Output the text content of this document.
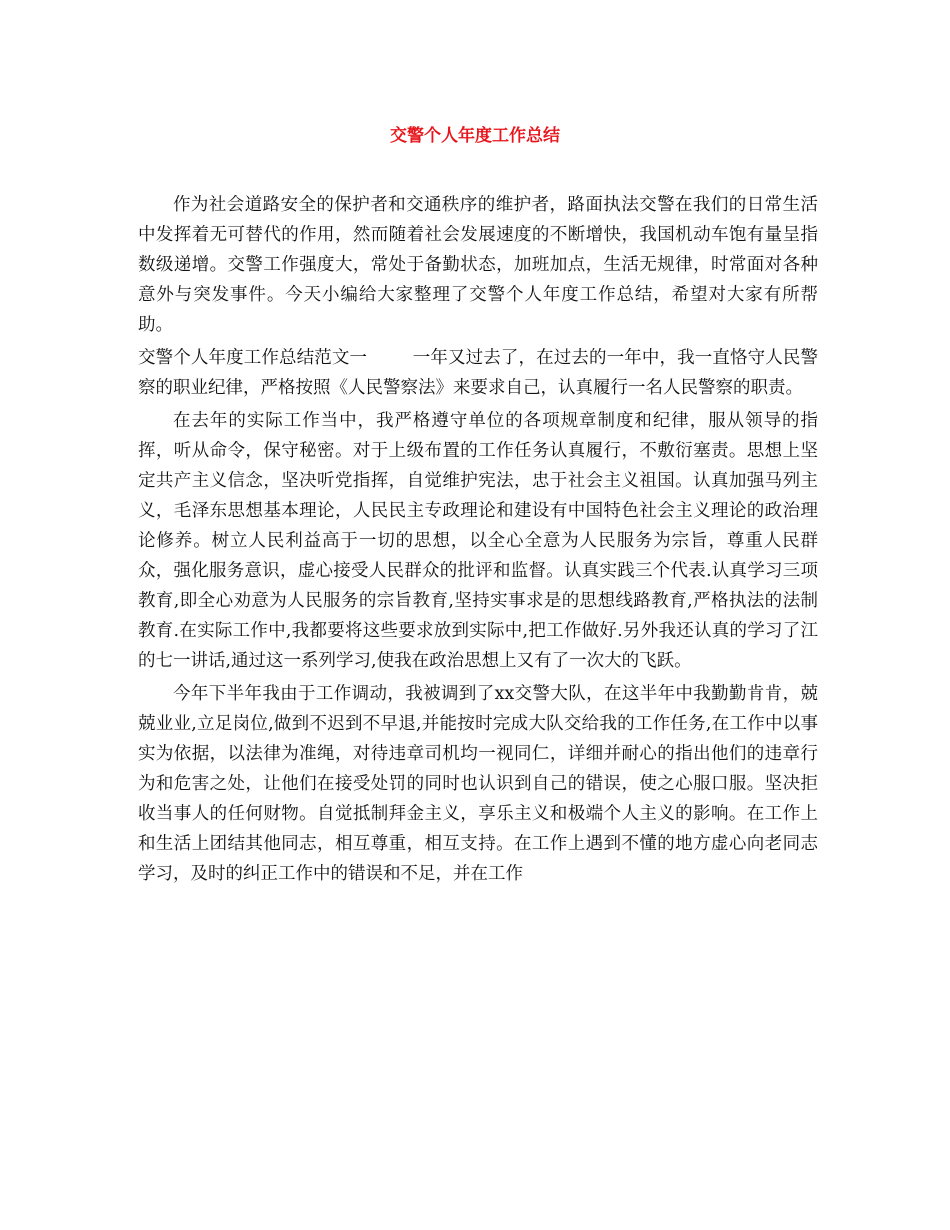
交警个人年度工作总结

作为社会道路安全的保护者和交通秩序的维护者，路面执法交警在我们的日常生活中发挥着无可替代的作用，然而随着社会发展速度的不断增快，我国机动车饱有量呈指数级递增。交警工作强度大，常处于备勤状态，加班加点，生活无规律，时常面对各种意外与突发事件。今天小编给大家整理了交警个人年度工作总结，希望对大家有所帮助。

交警个人年度工作总结范文一	一年又过去了，在过去的一年中，我一直恪守人民警察的职业纪律，严格按照《人民警察法》来要求自己，认真履行一名人民警察的职责。

在去年的实际工作当中，我严格遵守单位的各项规章制度和纪律，服从领导的指挥，听从命令，保守秘密。对于上级布置的工作任务认真履行，不敷衍塞责。思想上坚定共产主义信念，坚决听党指挥，自觉维护宪法，忠于社会主义祖国。认真加强马列主义，毛泽东思想基本理论，人民民主专政理论和建设有中国特色社会主义理论的政治理论修养。树立人民利益高于一切的思想，以全心全意为人民服务为宗旨，尊重人民群众，强化服务意识，虚心接受人民群众的批评和监督。认真实践三个代表.认真学习三项教育,即全心劝意为人民服务的宗旨教育,坚持实事求是的思想线路教育,严格执法的法制教育.在实际工作中,我都要将这些要求放到实际中,把工作做好.另外我还认真的学习了江的七一讲话,通过这一系列学习,使我在政治思想上又有了一次大的飞跃。

今年下半年我由于工作调动，我被调到了xx交警大队，在这半年中我勤勤肯肯，兢兢业业,立足岗位,做到不迟到不早退,并能按时完成大队交给我的工作任务,在工作中以事实为依据，以法律为准绳，对待违章司机均一视同仁，详细并耐心的指出他们的违章行为和危害之处，让他们在接受处罚的同时也认识到自己的错误，使之心服口服。坚决拒收当事人的任何财物。自觉抵制拜金主义，享乐主义和极端个人主义的影响。在工作上和生活上团结其他同志，相互尊重，相互支持。在工作上遇到不懂的地方虚心向老同志学习，及时的纠正工作中的错误和不足，并在工作
